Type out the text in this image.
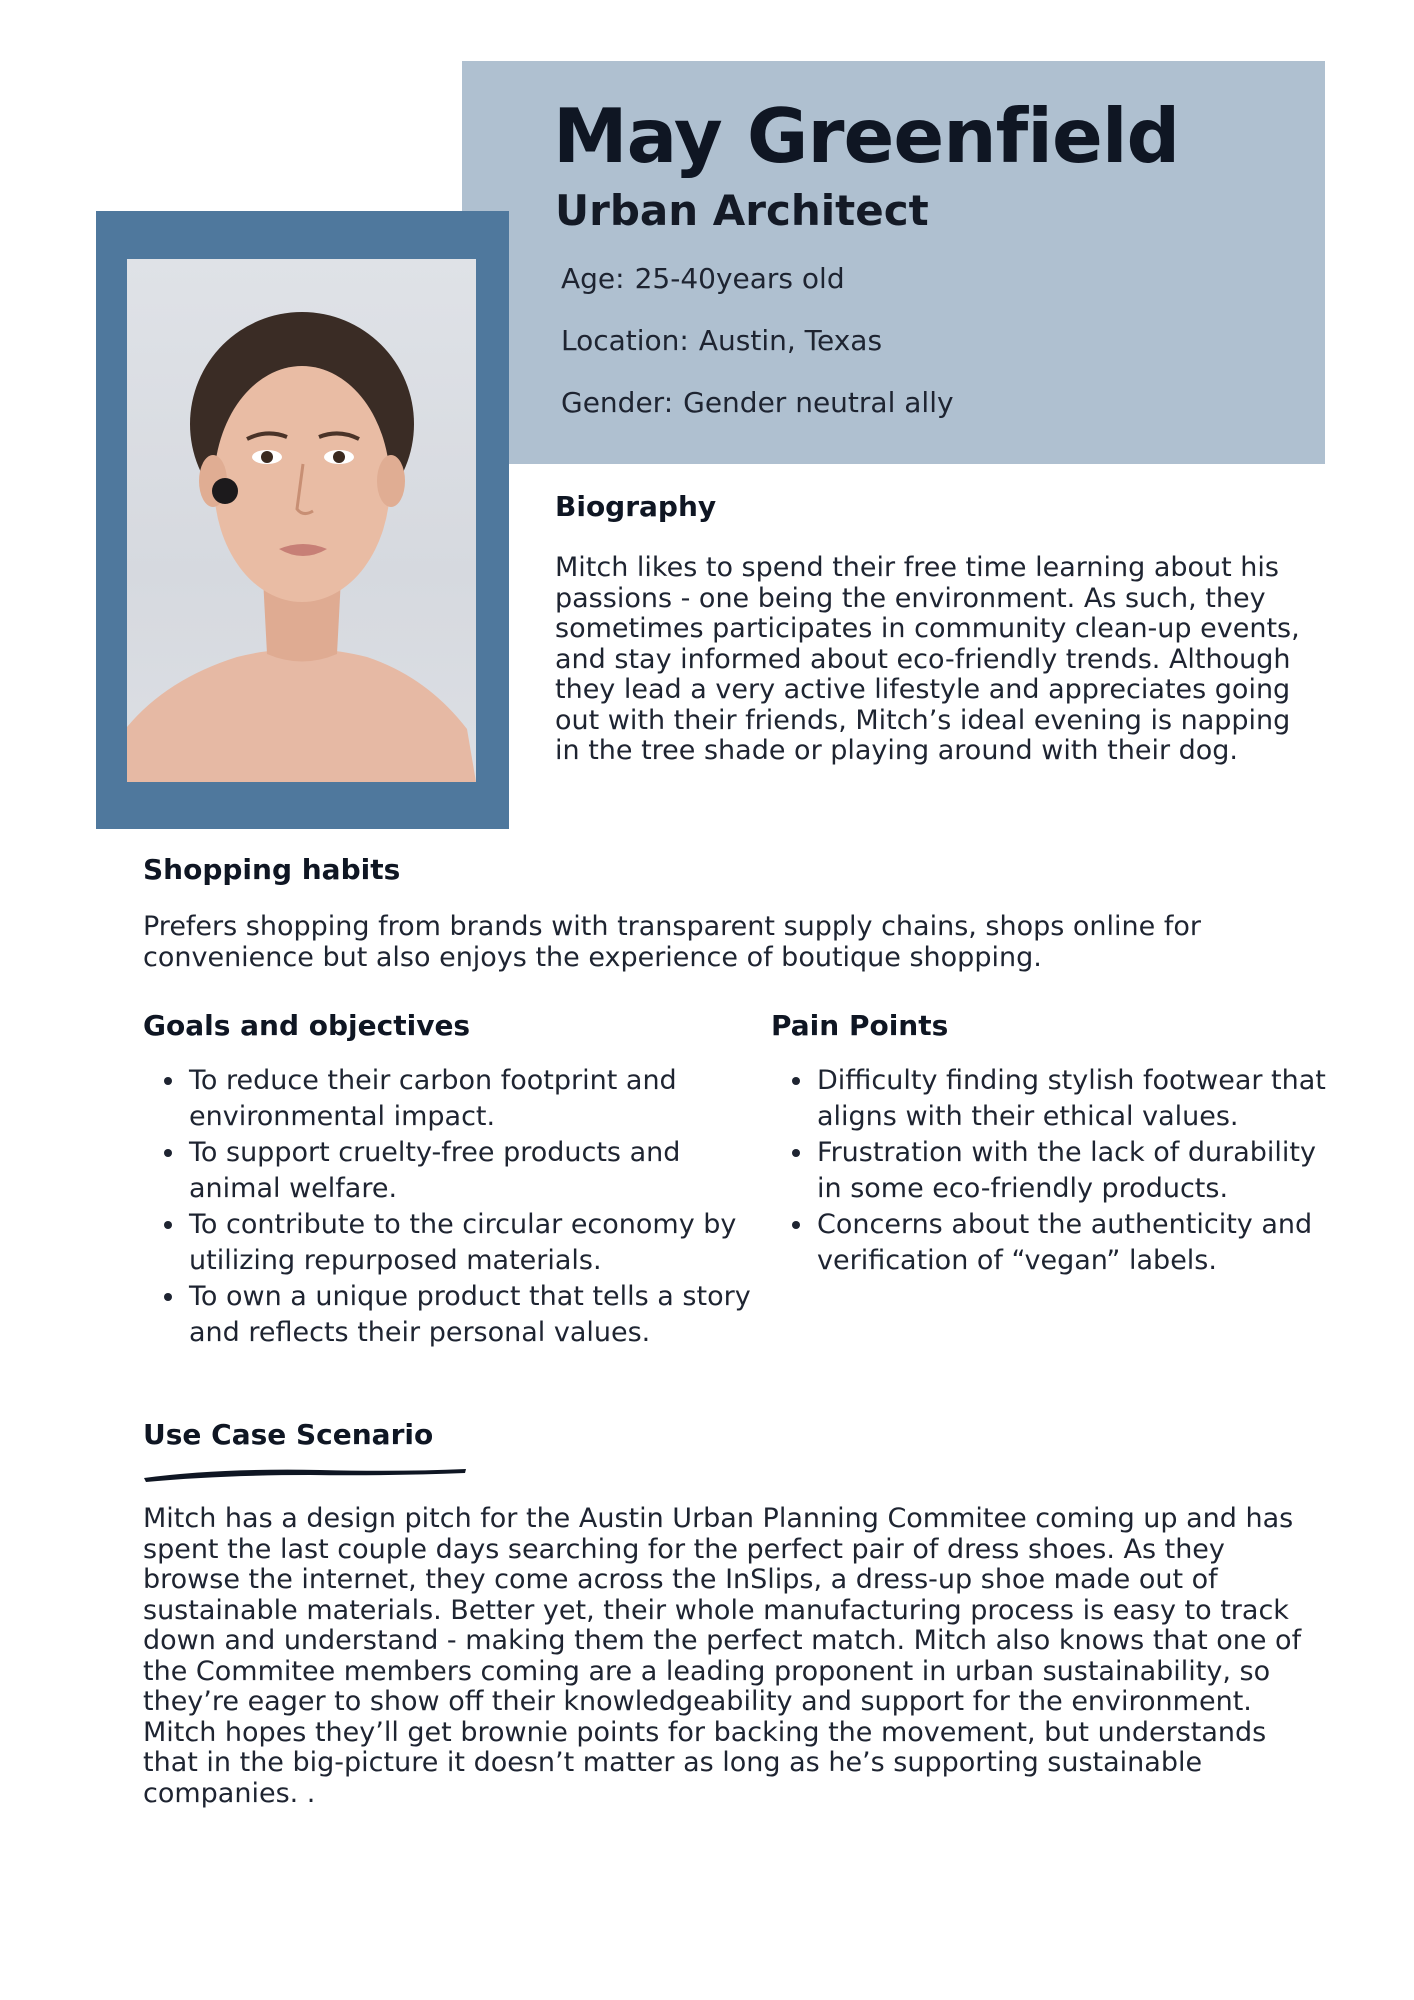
May Greenfield
Urban Architect

Age: 25-40years old

Location: Austin, Texas

Gender: Gender neutral ally

Biography

Mitch likes to spend their free time learning about his passions - one being the environment. As such, they sometimes participates in community clean-up events, and stay informed about eco-friendly trends. Although they lead a very active lifestyle and appreciates going out with their friends, Mitch’s ideal evening is napping in the tree shade or playing around with their dog.

Shopping habits

Prefers shopping from brands with transparent supply chains, shops online for convenience but also enjoys the experience of boutique shopping.

Goals and objectives
• To reduce their carbon footprint and environmental impact.
• To support cruelty-free products and animal welfare.
• To contribute to the circular economy by utilizing repurposed materials.
• To own a unique product that tells a story and reflects their personal values.
Pain Points
• Difficulty finding stylish footwear that aligns with their ethical values.
• Frustration with the lack of durability in some eco-friendly products.
• Concerns about the authenticity and verification of “vegan” labels.
Use Case Scenario

Mitch has a design pitch for the Austin Urban Planning Commitee coming up and has spent the last couple days searching for the perfect pair of dress shoes. As they browse the internet, they come across the InSlips, a dress-up shoe made out of sustainable materials. Better yet, their whole manufacturing process is easy to track down and understand - making them the perfect match. Mitch also knows that one of the Commitee members coming are a leading proponent in urban sustainability, so they’re eager to show off their knowledgeability and support for the environment. Mitch hopes they’ll get brownie points for backing the movement, but understands that in the big-picture it doesn’t matter as long as he’s supporting sustainable companies. .
